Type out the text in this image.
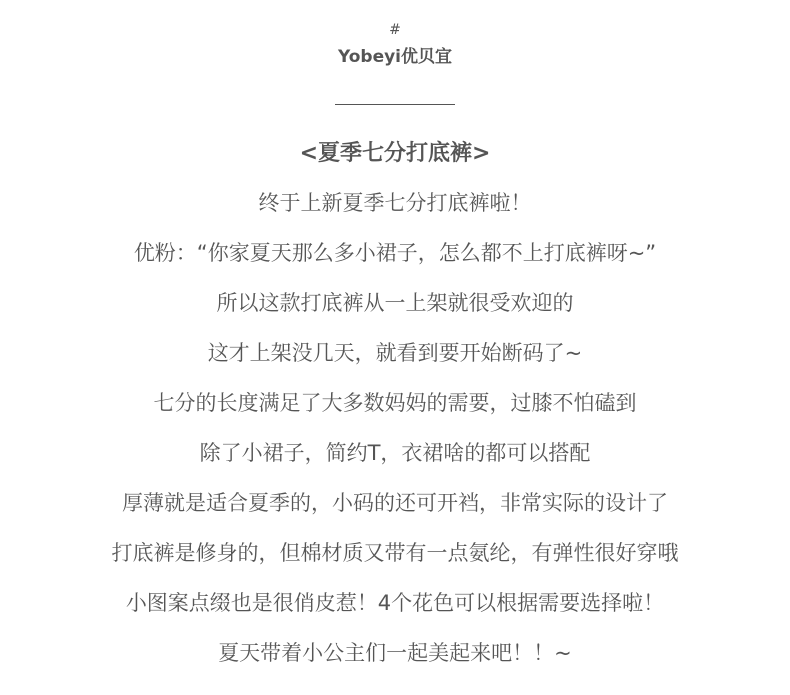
#
Yobeyi优贝宜
<夏季七分打底裤>
终于上新夏季七分打底裤啦！
优粉：“你家夏天那么多小裙子，怎么都不上打底裤呀~”
所以这款打底裤从一上架就很受欢迎的
这才上架没几天，就看到要开始断码了~
七分的长度满足了大多数妈妈的需要，过膝不怕磕到
除了小裙子，简约T，衣裙啥的都可以搭配
厚薄就是适合夏季的，小码的还可开裆，非常实际的设计了
打底裤是修身的，但棉材质又带有一点氨纶，有弹性很好穿哦
小图案点缀也是很俏皮惹！4个花色可以根据需要选择啦！
夏天带着小公主们一起美起来吧！！~
